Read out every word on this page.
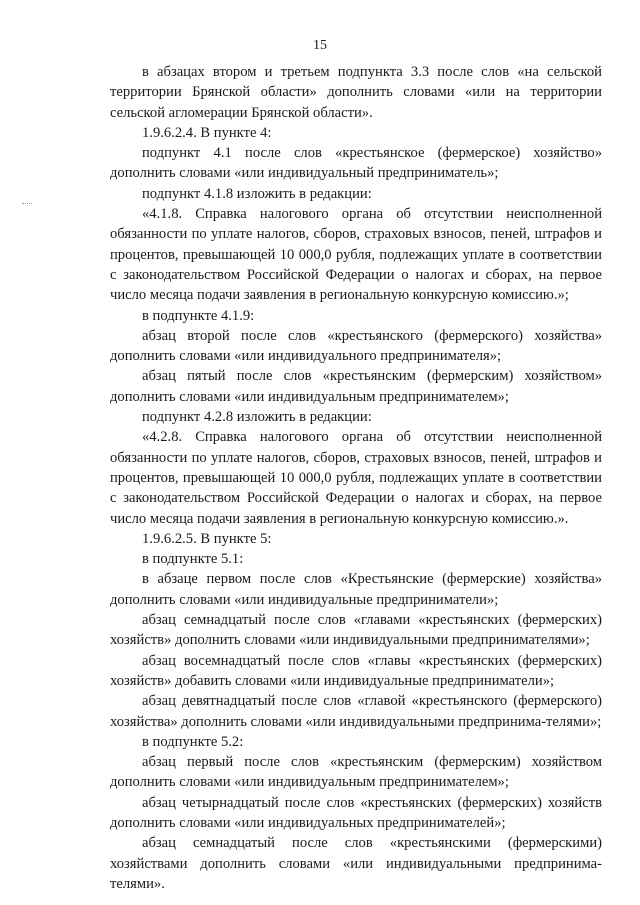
15

в абзацах втором и третьем подпункта 3.3 после слов «на сельской территории Брянской области» дополнить словами «или на территории сельской агломерации Брянской области».

1.9.6.2.4. В пункте 4:

подпункт 4.1 после слов «крестьянское (фермерское) хозяйство» дополнить словами «или индивидуальный предприниматель»;

подпункт 4.1.8 изложить в редакции:

«4.1.8. Справка налогового органа об отсутствии неисполненной обязанности по уплате налогов, сборов, страховых взносов, пеней, штрафов и процентов, превышающей 10 000,0 рубля, подлежащих уплате в соответствии с законодательством Российской Федерации о налогах и сборах, на первое число месяца подачи заявления в региональную конкурсную комиссию.»;

в подпункте 4.1.9:

абзац второй после слов «крестьянского (фермерского) хозяйства» дополнить словами «или индивидуального предпринимателя»;

абзац пятый после слов «крестьянским (фермерским) хозяйством» дополнить словами «или индивидуальным предпринимателем»;

подпункт 4.2.8 изложить в редакции:

«4.2.8. Справка налогового органа об отсутствии неисполненной обязанности по уплате налогов, сборов, страховых взносов, пеней, штрафов и процентов, превышающей 10 000,0 рубля, подлежащих уплате в соответствии с законодательством Российской Федерации о налогах и сборах, на первое число месяца подачи заявления в региональную конкурсную комиссию.».

1.9.6.2.5. В пункте 5:

в подпункте 5.1:

в абзаце первом после слов «Крестьянские (фермерские) хозяйства» дополнить словами «или индивидуальные предприниматели»;

абзац семнадцатый после слов «главами «крестьянских (фермерских) хозяйств» дополнить словами «или индивидуальными предпринимателями»;

абзац восемнадцатый после слов «главы «крестьянских (фермерских) хозяйств» добавить словами «или индивидуальные предприниматели»;

абзац девятнадцатый после слов «главой «крестьянского (фермерского) хозяйства» дополнить словами «или индивидуальными предпринима-телями»;

в подпункте 5.2:

абзац первый после слов «крестьянским (фермерским) хозяйством дополнить словами «или индивидуальным предпринимателем»;

абзац четырнадцатый после слов «крестьянских (фермерских) хозяйств дополнить словами «или индивидуальных предпринимателей»;

абзац семнадцатый после слов «крестьянскими (фермерскими) хозяйствами дополнить словами «или индивидуальными предпринима-телями».
